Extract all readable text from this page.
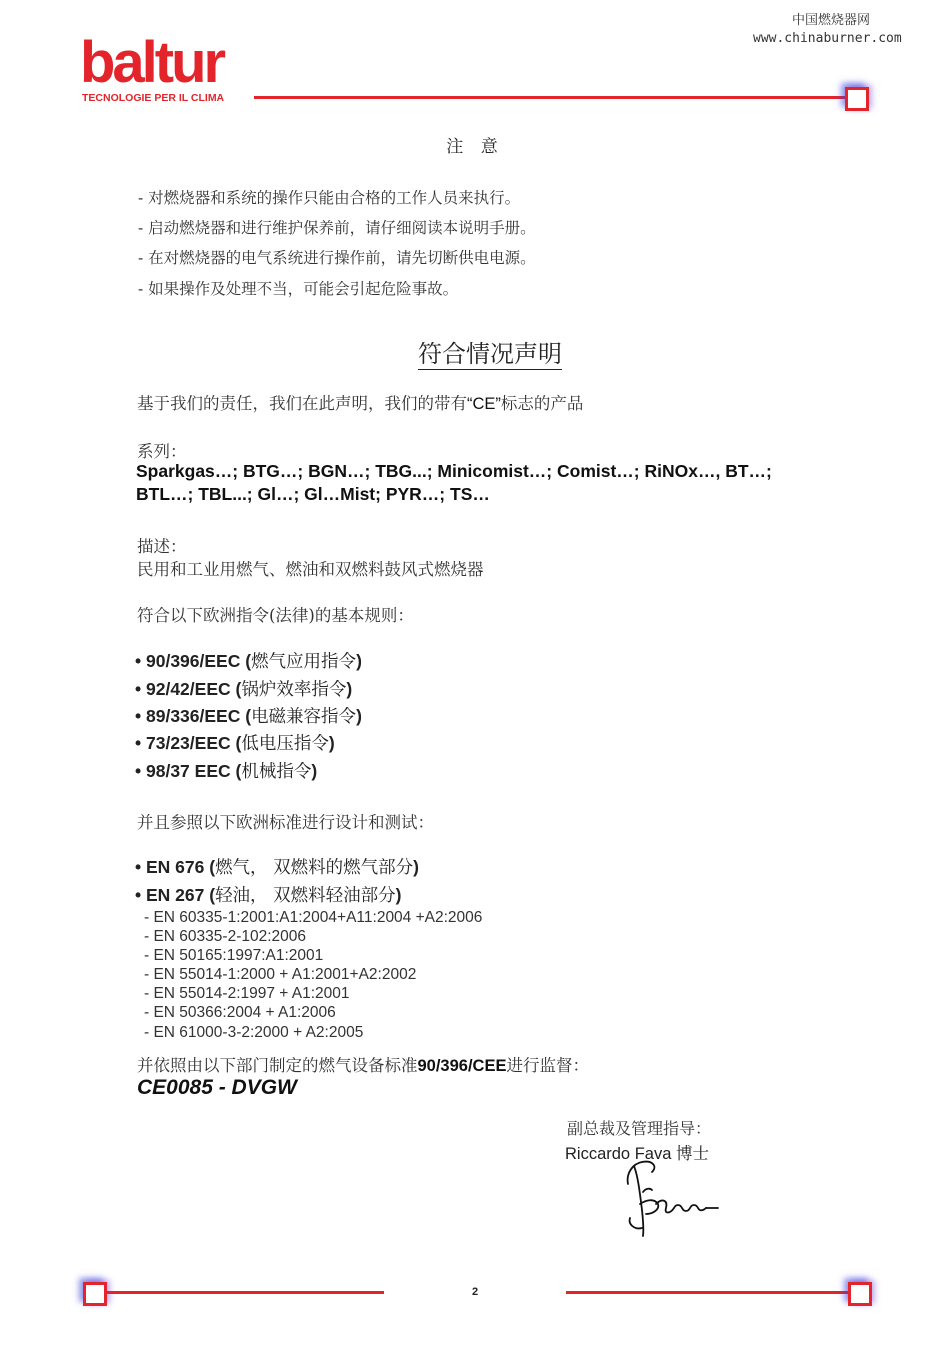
中国燃烧器网
www.chinaburner.com
baltur
TECNOLOGIE PER IL CLIMA
注 意
- 对燃烧器和系统的操作只能由合格的工作人员来执行。
- 启动燃烧器和进行维护保养前，请仔细阅读本说明手册。
- 在对燃烧器的电气系统进行操作前，请先切断供电电源。
- 如果操作及处理不当，可能会引起危险事故。
符合情况声明
基于我们的责任，我们在此声明，我们的带有“CE”标志的产品
系列：
Sparkgas…; BTG…; BGN…; TBG...; Minicomist…; Comist…; RiNOx…, BT…;
BTL…; TBL...; Gl…; Gl…Mist; PYR…; TS…
描述：
民用和工业用燃气、燃油和双燃料鼓风式燃烧器
符合以下欧洲指令(法律)的基本规则：
• 90/396/EEC (燃气应用指令)
• 92/42/EEC (锅炉效率指令)
• 89/336/EEC (电磁兼容指令)
• 73/23/EEC (低电压指令)
• 98/37 EEC (机械指令)
并且参照以下欧洲标准进行设计和测试：
• EN 676 (燃气， 双燃料的燃气部分)
• EN 267 (轻油， 双燃料轻油部分)
- EN 60335-1:2001:A1:2004+A11:2004 +A2:2006
- EN 60335-2-102:2006
- EN 50165:1997:A1:2001
- EN 55014-1:2000 + A1:2001+A2:2002
- EN 55014-2:1997 + A1:2001
- EN 50366:2004 + A1:2006
- EN 61000-3-2:2000 + A2:2005
并依照由以下部门制定的燃气设备标准90/396/CEE进行监督：
CE0085 - DVGW
副总裁及管理指导：
Riccardo Fava 博士
2
